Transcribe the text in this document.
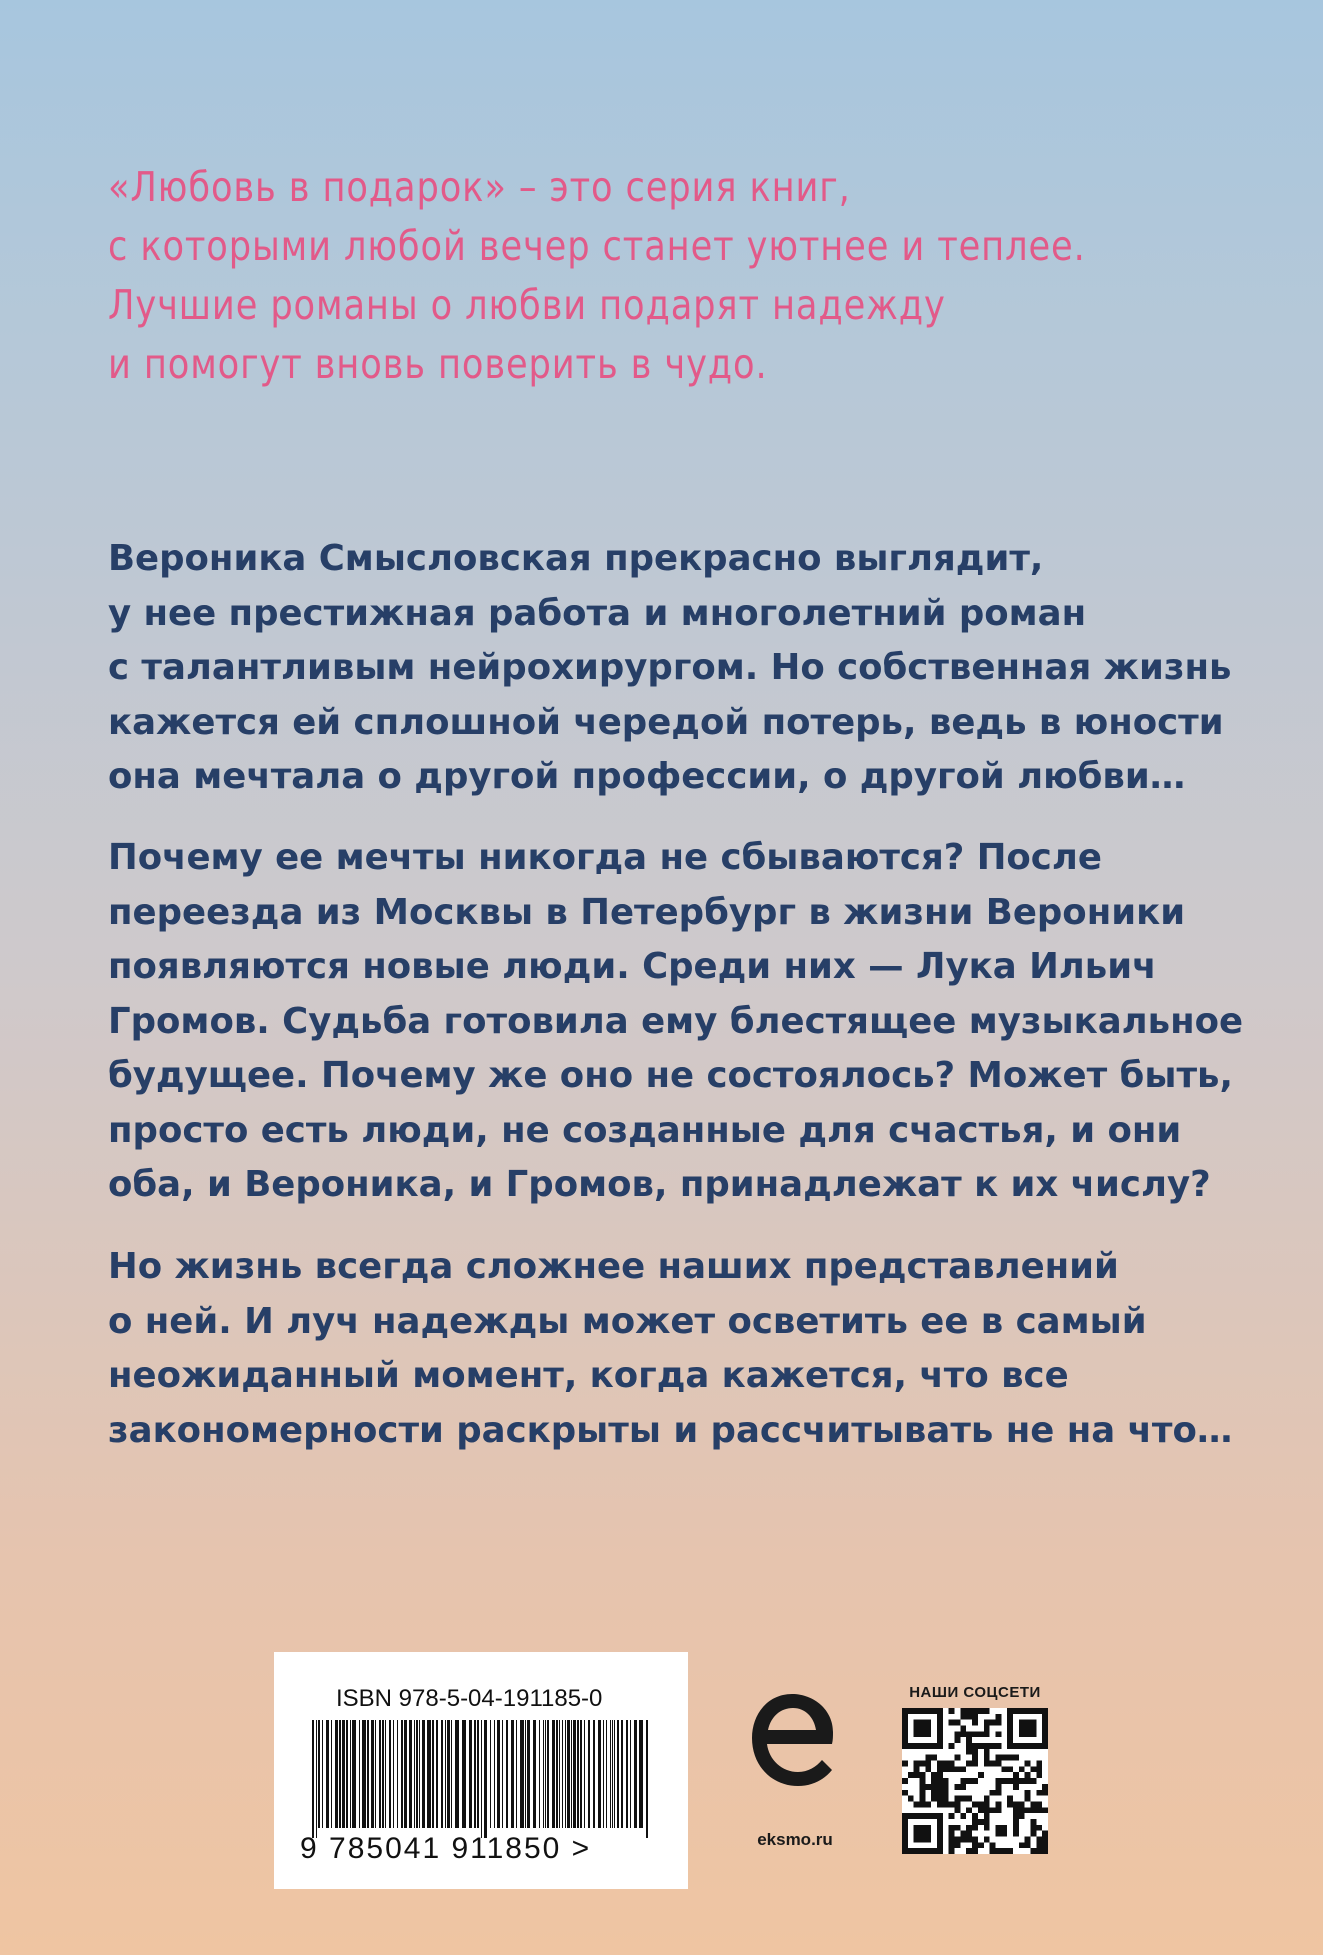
«Любовь в подарок» – это серия книг,
с которыми любой вечер станет уютнее и теплее.
Лучшие романы о любви подарят надежду
и помогут вновь поверить в чудо.
Вероника Смысловская прекрасно выглядит,
у нее престижная работа и многолетний роман
с талантливым нейрохирургом. Но собственная жизнь
кажется ей сплошной чередой потерь, ведь в юности
она мечтала о другой профессии, о другой любви…
Почему ее мечты никогда не сбываются? После
переезда из Москвы в Петербург в жизни Вероники
появляются новые люди. Среди них — Лука Ильич
Громов. Судьба готовила ему блестящее музыкальное
будущее. Почему же оно не состоялось? Может быть,
просто есть люди, не созданные для счастья, и они
оба, и Вероника, и Громов, принадлежат к их числу?
Но жизнь всегда сложнее наших представлений
о ней. И луч надежды может осветить ее в самый
неожиданный момент, когда кажется, что все
закономерности раскрыты и рассчитывать не на что…
ISBN 978-5-04-191185-0
9 785041 911850 >	eksmo.ru
НАШИ СОЦСЕТИ
